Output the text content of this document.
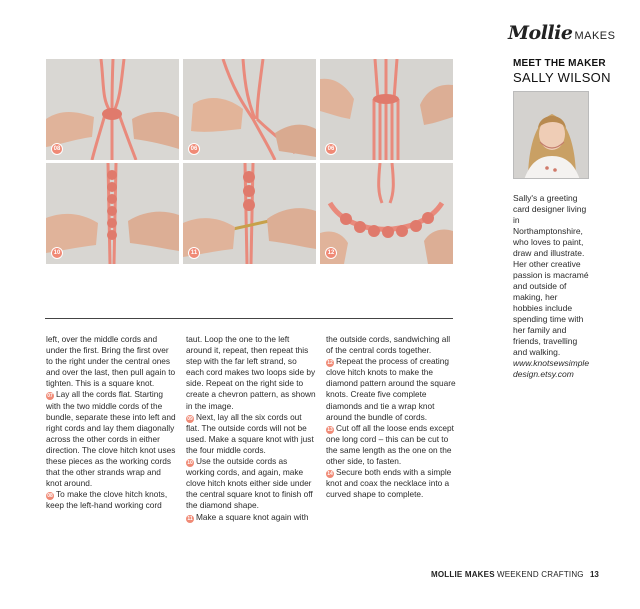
Mollie MAKES
08	06	06
10	11	12
MEET THE MAKER
SALLY WILSON
Sally's a greeting card designer living in Northamptonshire, who loves to paint, draw and illustrate. Her other creative passion is macramé and outside of making, her hobbies include spending time with her family and friends, travelling and walking.
www.knotsewsimple design.etsy.com

left, over the middle cords and under the first. Bring the first over to the right under the central ones and over the last, then pull again to tighten. This is a square knot.

07 Lay all the cords flat. Starting with the two middle cords of the bundle, separate these into left and right cords and lay them diagonally across the other cords in either direction. The clove hitch knot uses these pieces as the working cords that the other strands wrap and knot around.

08 To make the clove hitch knots, keep the left-hand working cord

taut. Loop the one to the left around it, repeat, then repeat this step with the far left strand, so each cord makes two loops side by side. Repeat on the right side to create a chevron pattern, as shown in the image.

09 Next, lay all the six cords out flat. The outside cords will not be used. Make a square knot with just the four middle cords.

10 Use the outside cords as working cords, and again, make clove hitch knots either side under the central square knot to finish off the diamond shape.

11 Make a square knot again with

the outside cords, sandwiching all of the central cords together.

12 Repeat the process of creating clove hitch knots to make the diamond pattern around the square knots. Create five complete diamonds and tie a wrap knot around the bundle of cords.

13 Cut off all the loose ends except one long cord – this can be cut to the same length as the one on the other side, to fasten.

14 Secure both ends with a simple knot and coax the necklace into a curved shape to complete.

MOLLIE MAKES WEEKEND CRAFTING 13
